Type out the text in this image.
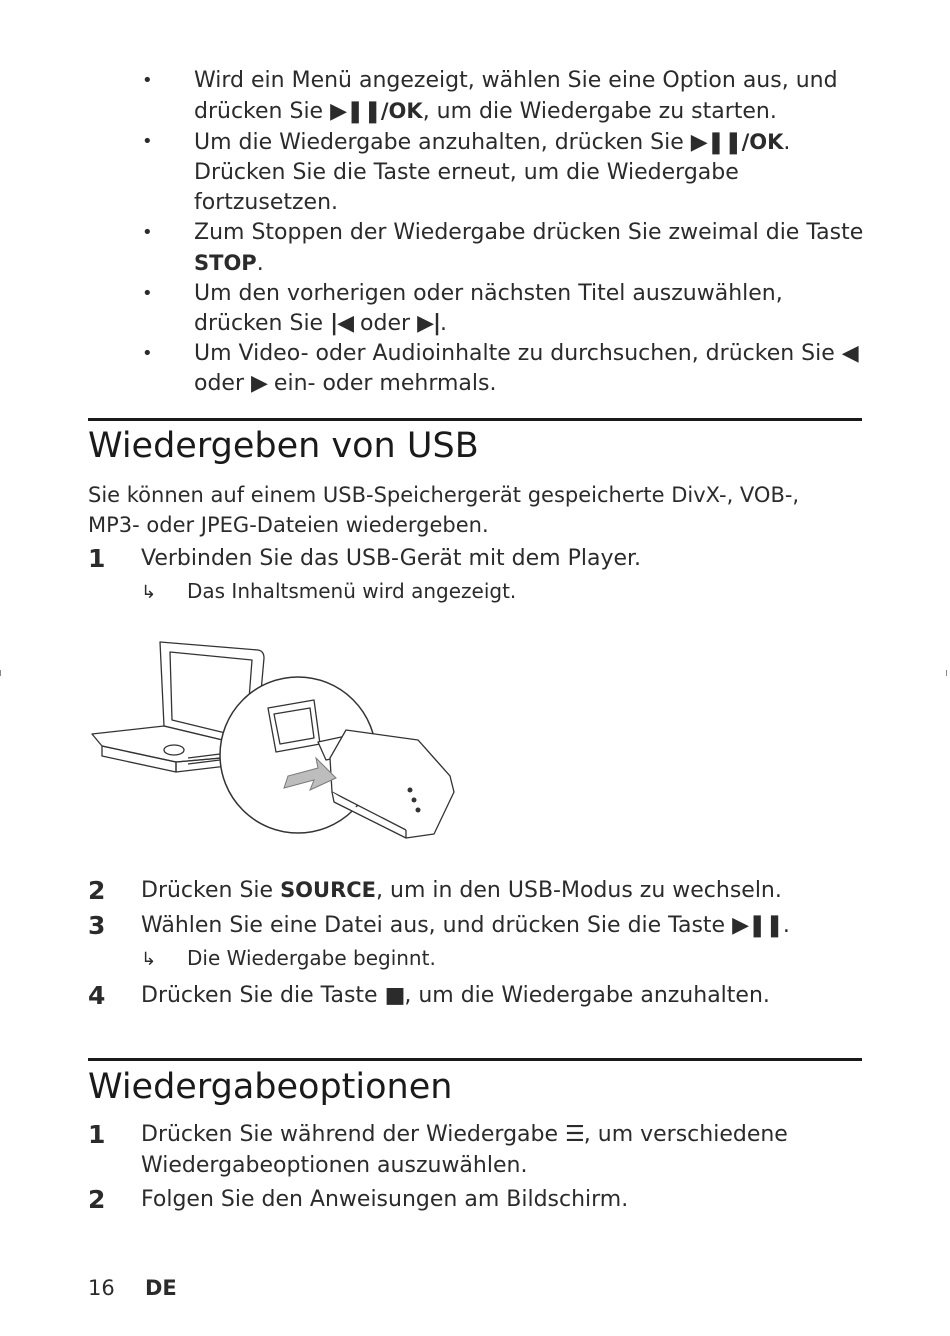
• Wird ein Menü angezeigt, wählen Sie eine Option aus, und drücken Sie ▶❚❚/OK, um die Wiedergabe zu starten.
• Um die Wiedergabe anzuhalten, drücken Sie ▶❚❚/OK. Drücken Sie die Taste erneut, um die Wiedergabe fortzusetzen.
• Zum Stoppen der Wiedergabe drücken Sie zweimal die Taste STOP.
• Um den vorherigen oder nächsten Titel auszuwählen, drücken Sie |◀ oder ▶|.
• Um Video- oder Audioinhalte zu durchsuchen, drücken Sie ◀ oder ▶ ein- oder mehrmals.
Wiedergeben von USB

Sie können auf einem USB-Speichergerät gespeicherte DivX-, VOB-, MP3- oder JPEG-Dateien wiedergeben.

1	Verbinden Sie das USB-Gerät mit dem Player.
↳ Das Inhaltsmenü wird angezeigt.
2	Drücken Sie SOURCE, um in den USB-Modus zu wechseln.
3	Wählen Sie eine Datei aus, und drücken Sie die Taste ▶❚❚.
↳ Die Wiedergabe beginnt.
4	Drücken Sie die Taste ■, um die Wiedergabe anzuhalten.
Wiedergabeoptionen
1	Drücken Sie während der Wiedergabe ☰, um verschiedene Wiedergabeoptionen auszuwählen.
2	Folgen Sie den Anweisungen am Bildschirm.
16 DE
